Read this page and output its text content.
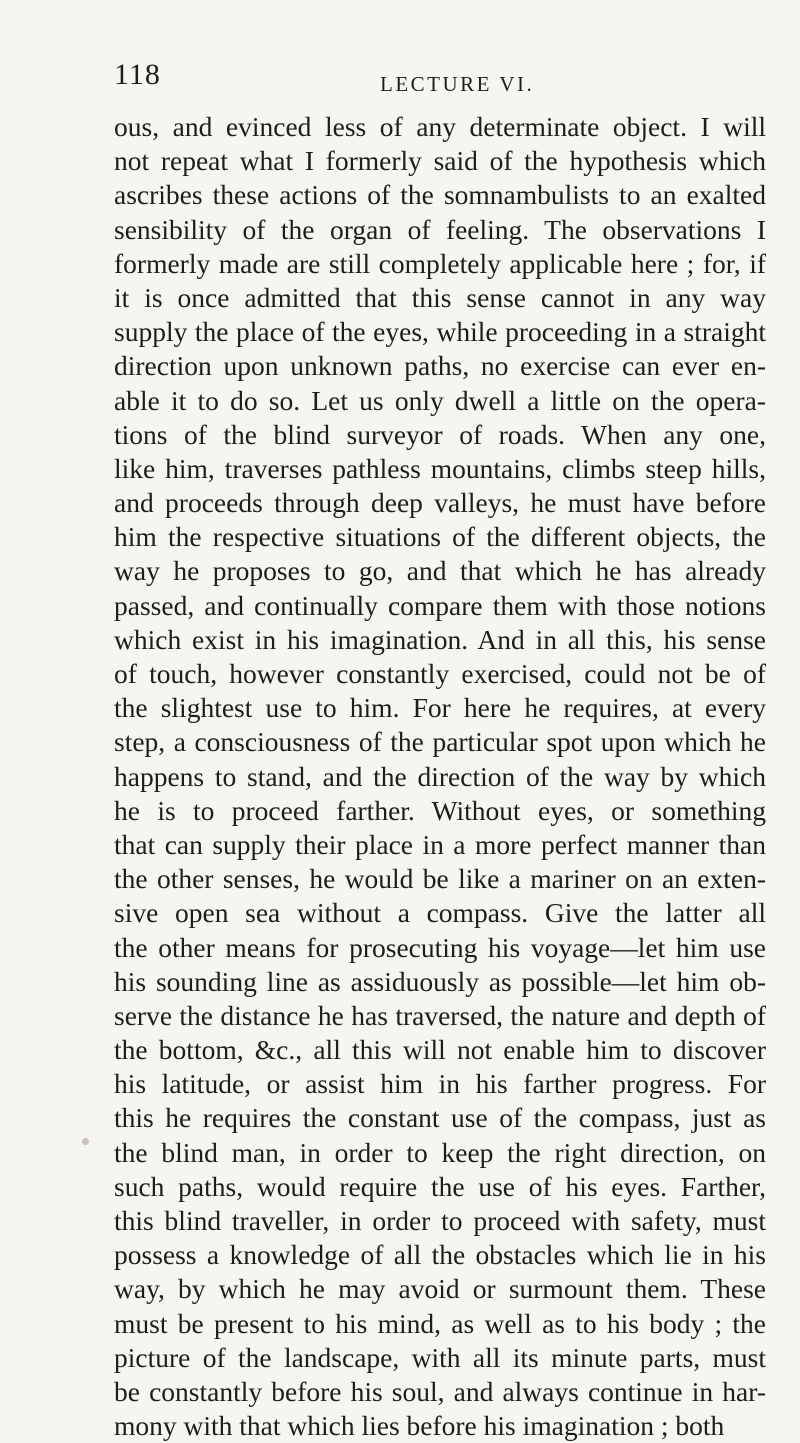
118	LECTURE VI.
ous, and evinced less of any determinate object. I will
not repeat what I formerly said of the hypothesis which
ascribes these actions of the somnambulists to an exalted
sensibility of the organ of feeling. The observations I
formerly made are still completely applicable here ; for, if
it is once admitted that this sense cannot in any way
supply the place of the eyes, while proceeding in a straight
direction upon unknown paths, no exercise can ever en-
able it to do so. Let us only dwell a little on the opera-
tions of the blind surveyor of roads. When any one,
like him, traverses pathless mountains, climbs steep hills,
and proceeds through deep valleys, he must have before
him the respective situations of the different objects, the
way he proposes to go, and that which he has already
passed, and continually compare them with those notions
which exist in his imagination. And in all this, his sense
of touch, however constantly exercised, could not be of
the slightest use to him. For here he requires, at every
step, a consciousness of the particular spot upon which he
happens to stand, and the direction of the way by which
he is to proceed farther. Without eyes, or something
that can supply their place in a more perfect manner than
the other senses, he would be like a mariner on an exten-
sive open sea without a compass. Give the latter all
the other means for prosecuting his voyage—let him use
his sounding line as assiduously as possible—let him ob-
serve the distance he has traversed, the nature and depth of
the bottom, &c., all this will not enable him to discover
his latitude, or assist him in his farther progress. For
this he requires the constant use of the compass, just as
the blind man, in order to keep the right direction, on
such paths, would require the use of his eyes. Farther,
this blind traveller, in order to proceed with safety, must
possess a knowledge of all the obstacles which lie in his
way, by which he may avoid or surmount them. These
must be present to his mind, as well as to his body ; the
picture of the landscape, with all its minute parts, must
be constantly before his soul, and always continue in har-
mony with that which lies before his imagination ; both
